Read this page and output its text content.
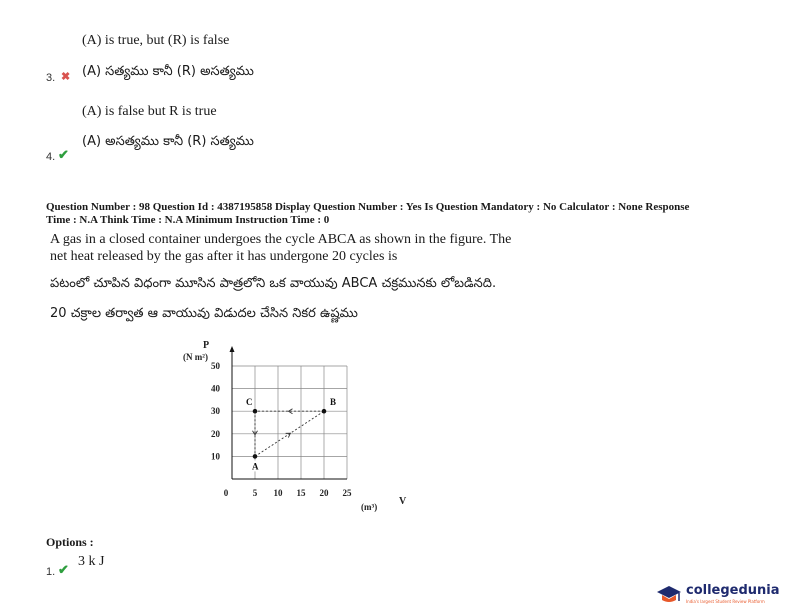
(A) is true, but (R) is false
3. ✖ (A) సత్యము కానీ (R) అసత్యము
(A) is false but R is true
4. ✔
(A) అసత్యము కానీ (R) సత్యము
Question Number : 98 Question Id : 4387195858 Display Question Number : Yes Is Question Mandatory : No Calculator : None Response
Time : N.A Think Time : N.A Minimum Instruction Time : 0
A gas in a closed container undergoes the cycle ABCA as shown in the figure. The
net heat released by the gas after it has undergone 20 cycles is
పటంలో చూపిన విధంగా మూసిన పాత్రలోని ఒక వాయువు ABCA చక్రమునకు లోబడినది.
20 చక్రాల తర్వాత ఆ వాయువు విడుదల చేసిన నికర ఉష్ణము
P
(N m²)
V
(m³)
10
20
30
40
50
0	5 10 15 20 25
A
B
C
Options :
1. ✔
3 k J
collegedunia
India's largest Student Review Platform
